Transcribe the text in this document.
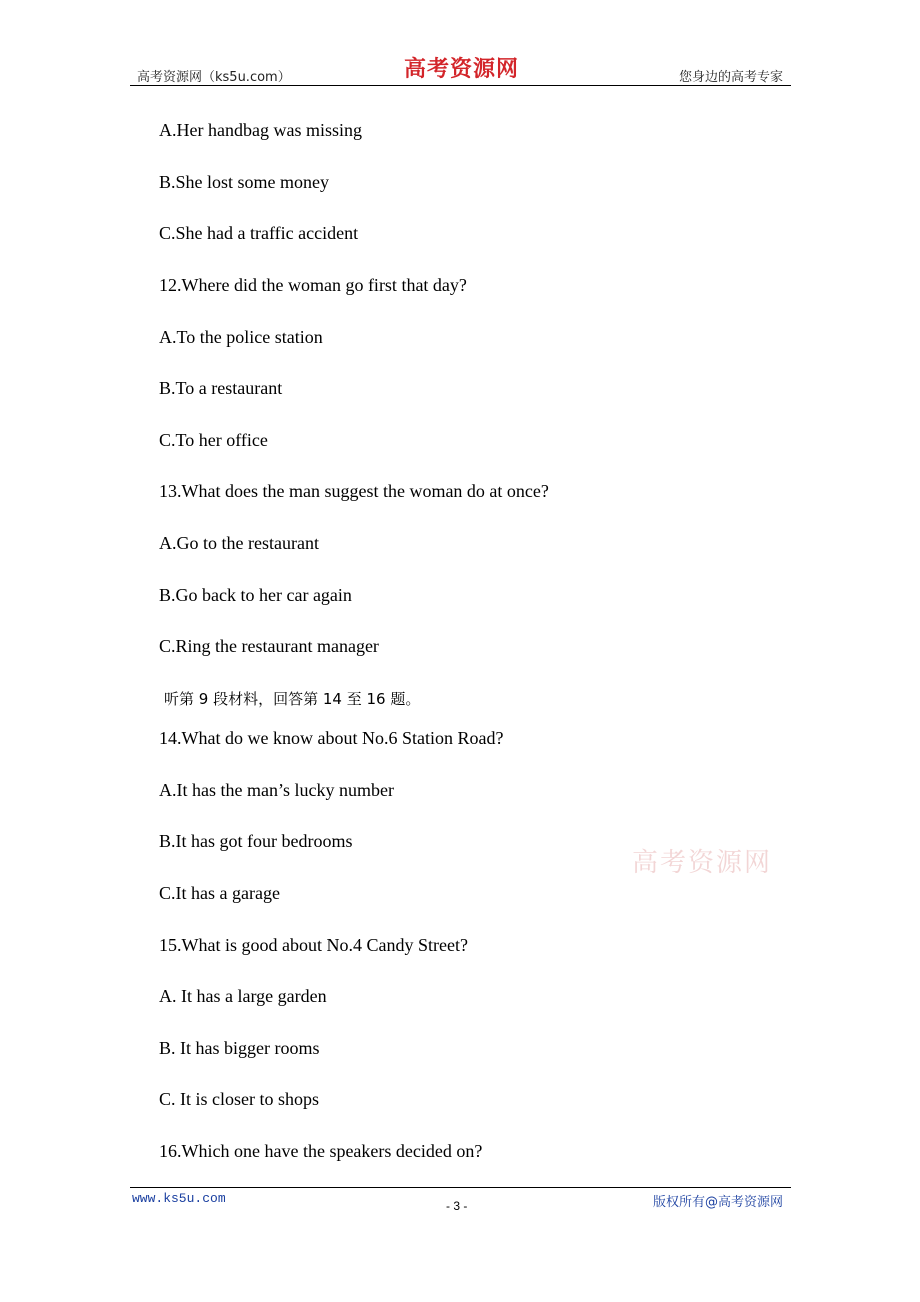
高考资源网（ks5u.com）	高考资源网	您身边的高考专家
A.Her handbag was missing
B.She lost some money
C.She had a traffic accident
12.Where did the woman go first that day?
A.To the police station
B.To a restaurant
C.To her office
13.What does the man suggest the woman do at once?
A.Go to the restaurant
B.Go back to her car again
C.Ring the restaurant manager
听第 9 段材料，回答第 14 至 16 题。
14.What do we know about No.6 Station Road?
A.It has the man’s lucky number
B.It has got four bedrooms
C.It has a garage
15.What is good about No.4 Candy Street?
A. It has a large garden
B. It has bigger rooms
C. It is closer to shops
16.Which one have the speakers decided on?
高考资源网
www.ks5u.com	- 3 -	版权所有@高考资源网
